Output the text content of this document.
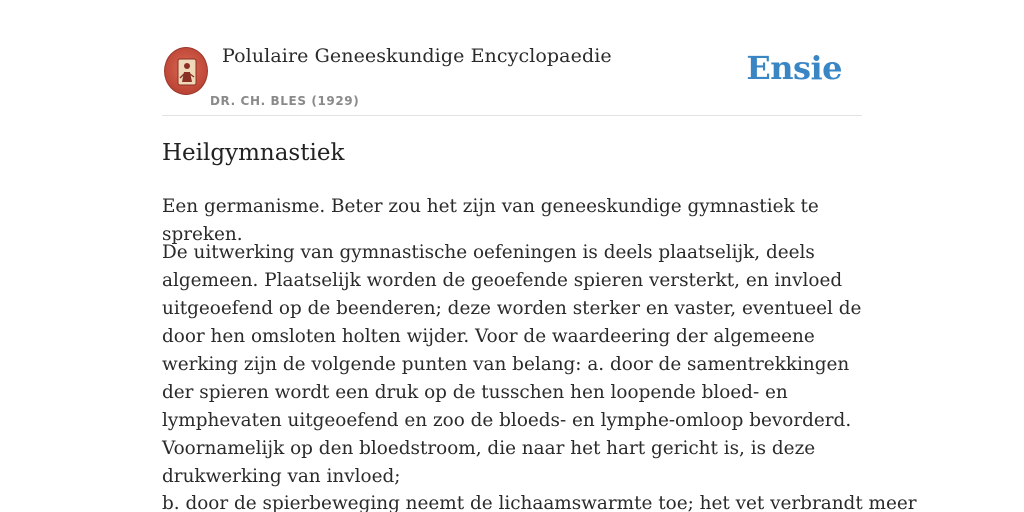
Polulaire Geneeskundige Encyclopaedie
DR. CH. BLES (1929)
Ensie
Heilgymnastiek

Een germanisme. Beter zou het zijn van geneeskundige gymnastiek te spreken.

De uitwerking van gymnastische oefeningen is deels plaatselijk, deels algemeen. Plaatselijk worden de geoefende spieren versterkt, en invloed uitgeoefend op de beenderen; deze worden sterker en vaster, eventueel de door hen omsloten holten wijder. Voor de waardeering der algemeene werking zijn de volgende punten van belang: a. door de samentrekkingen der spieren wordt een druk op de tusschen hen loopende bloed- en lymphevaten uitgeoefend en zoo de bloeds- en lymphe-omloop bevorderd. Voornamelijk op den bloedstroom, die naar het hart gericht is, is deze drukwerking van invloed;

b. door de spierbeweging neemt de lichaamswarmte toe; het vet verbrandt meer
